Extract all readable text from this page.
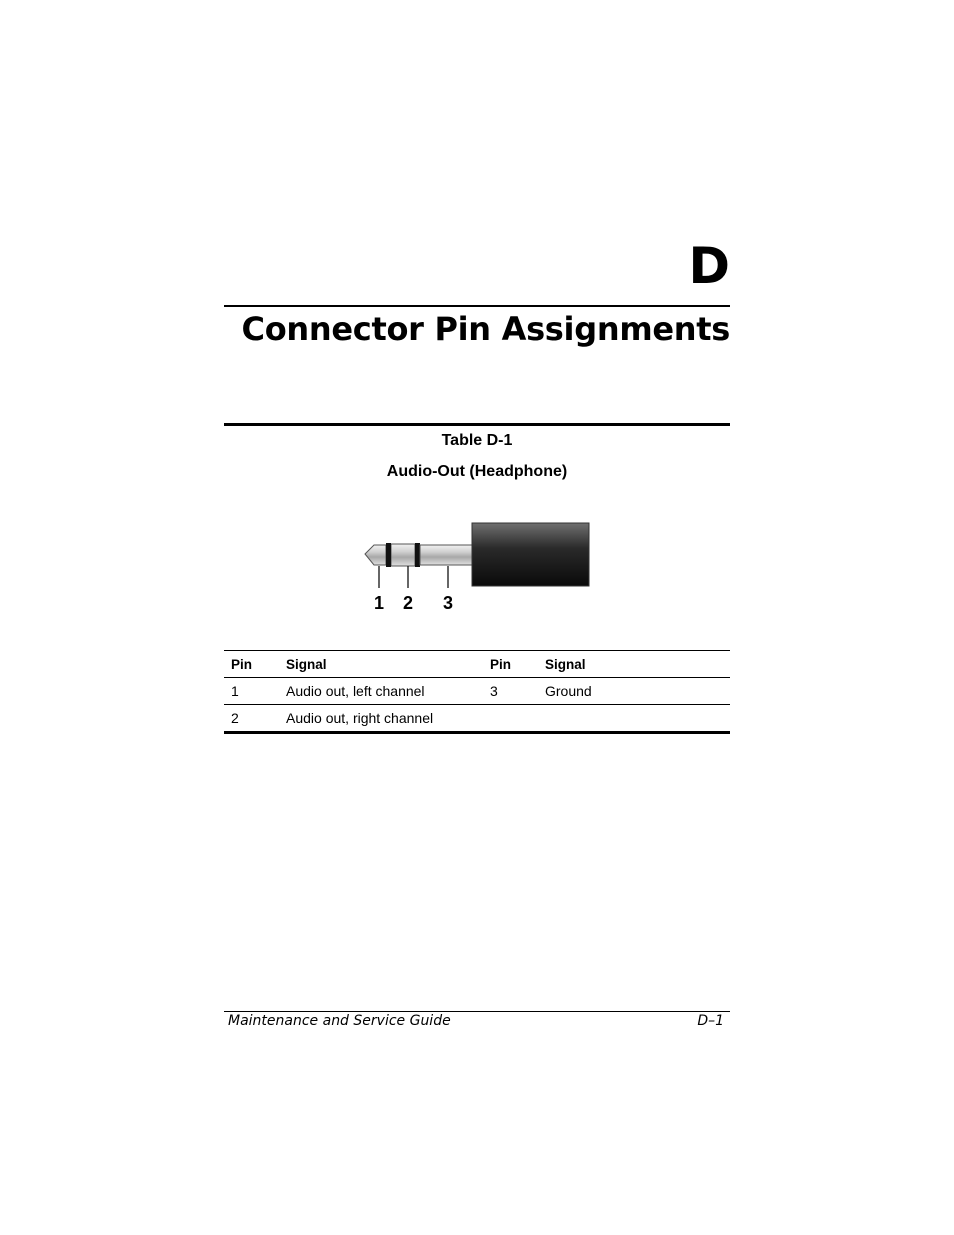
D
Connector Pin Assignments

Table D-1

Audio-Out (Headphone)

1 2 3
Pin	Signal	Pin	Signal
1	Audio out, left channel	3	Ground
2	Audio out, right channel		

Maintenance and Service Guide	D–1
